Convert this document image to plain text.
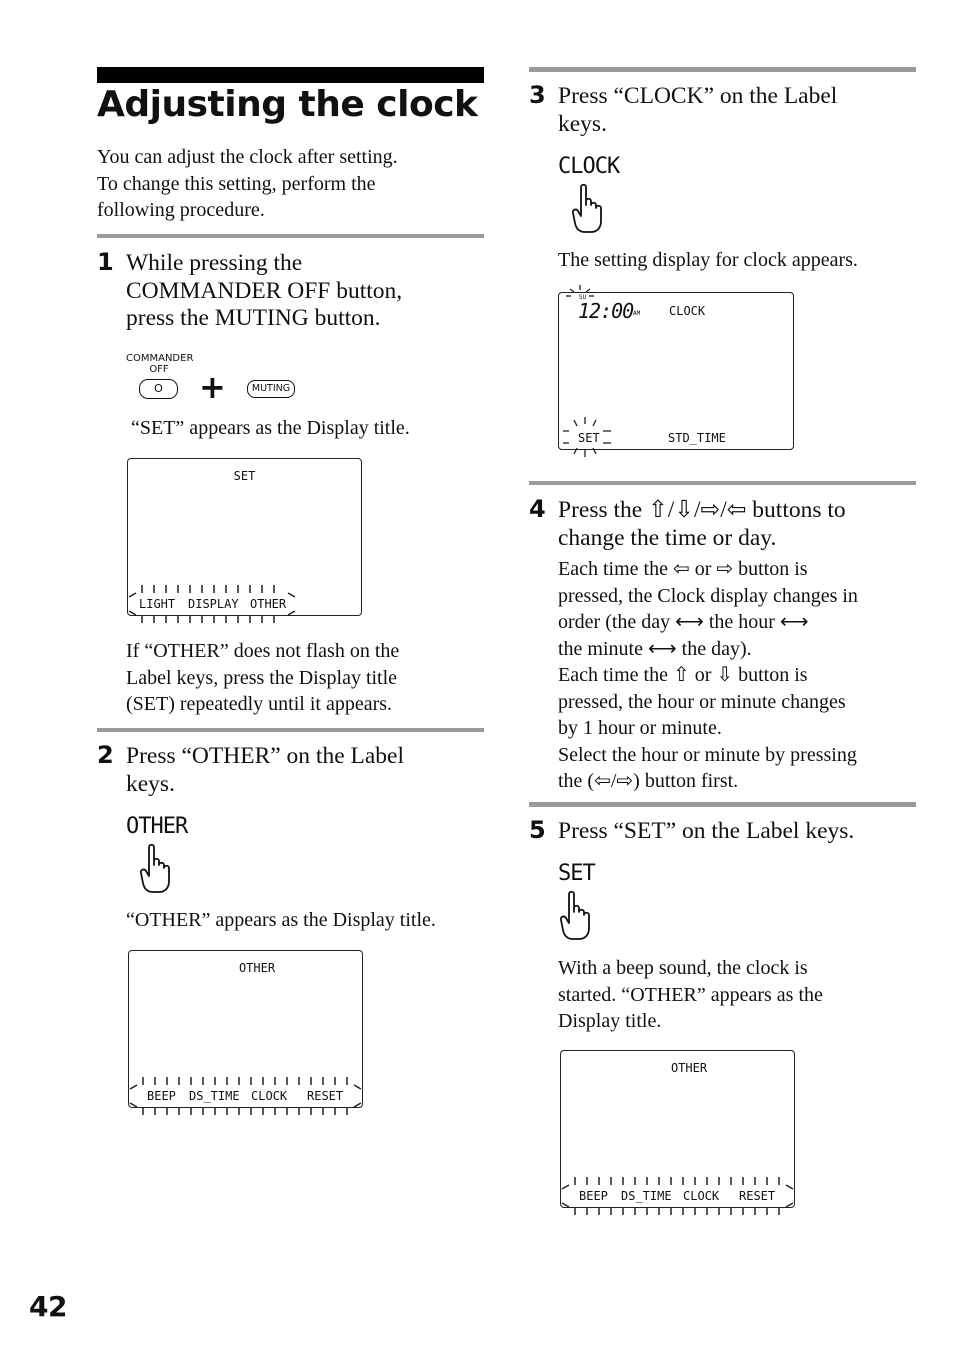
Adjusting the clock
You can adjust the clock after setting.
To change this setting, perform the
following procedure.
1 While pressing the
COMMANDER OFF button,
press the MUTING button.
COMMANDER
OFF
O	+	MUTING
“SET” appears as the Display title.
SET
LIGHT DISPLAY OTHER
If “OTHER” does not flash on the
Label keys, press the Display title
(SET) repeatedly until it appears.
2 Press “OTHER” on the Label
keys.
OTHER
“OTHER” appears as the Display title.
OTHER
BEEP DS_TIME CLOCK RESET
42
3 Press “CLOCK” on the Label
keys.
CLOCK
The setting display for clock appears.
SU
12:00 AM CLOCK
SET	STD_TIME
4 Press the ⇧/⇩/⇨/⇦ buttons to
change the time or day.
Each time the ⇦ or ⇨ button is
pressed, the Clock display changes in
order (the day ⟷ the hour ⟷
the minute ⟷ the day).
Each time the ⇧ or ⇩ button is
pressed, the hour or minute changes
by 1 hour or minute.
Select the hour or minute by pressing
the (⇦/⇨) button first.
5 Press “SET” on the Label keys.
SET
With a beep sound, the clock is
started. “OTHER” appears as the
Display title.
OTHER
BEEP DS_TIME CLOCK RESET
